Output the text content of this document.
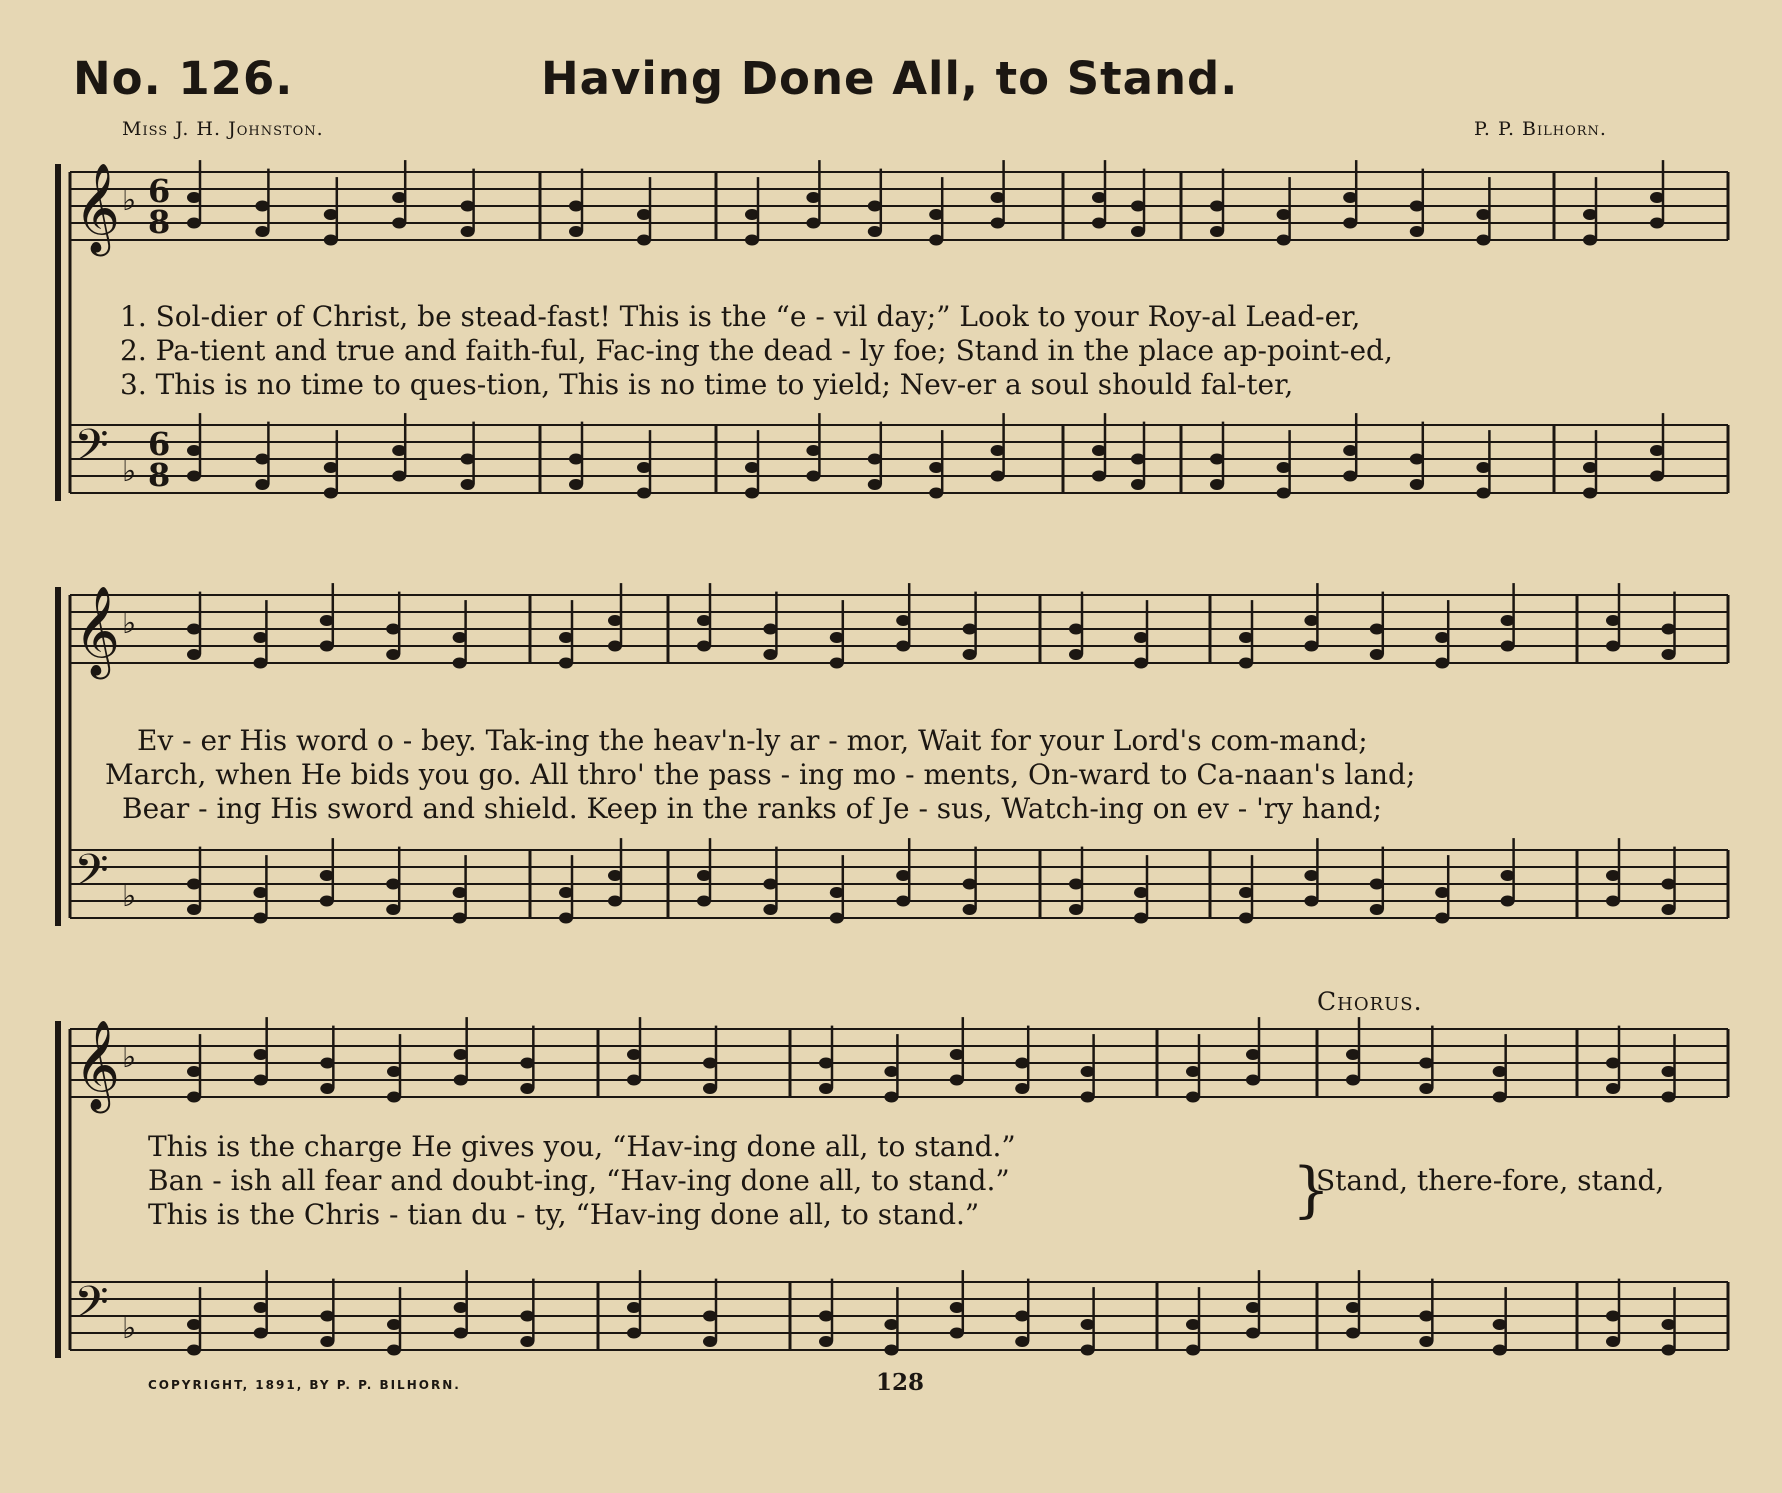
No. 126.	Having Done All, to Stand.
Miss J. H. Johnston.	P. P. Bilhorn.
𝄞 ♭
𝄢 ♭
𝄞 ♭
𝄢 ♭
𝄞 ♭
𝄢 ♭
6
8
6
8
1. Sol-dier of Christ, be stead-fast! This is the “e - vil day;” Look to your Roy-al Lead-er,
2. Pa-tient and true and faith-ful, Fac-ing the dead - ly foe; Stand in the place ap-point-ed,
3. This is no time to ques-tion, This is no time to yield; Nev-er a soul should fal-ter,
Ev - er His word o - bey. Tak-ing the heav'n-ly ar - mor, Wait for your Lord's com-mand;
March, when He bids you go. All thro' the pass - ing mo - ments, On-ward to Ca-naan's land;
Bear - ing His sword and shield. Keep in the ranks of Je - sus, Watch-ing on ev - 'ry hand;
Chorus.
This is the charge He gives you, “Hav-ing done all, to stand.”
Ban - ish all fear and doubt-ing, “Hav-ing done all, to stand.”
This is the Chris - tian du - ty, “Hav-ing done all, to stand.”	}
Stand, there-fore, stand,
COPYRIGHT, 1891, BY P. P. BILHORN.	128
